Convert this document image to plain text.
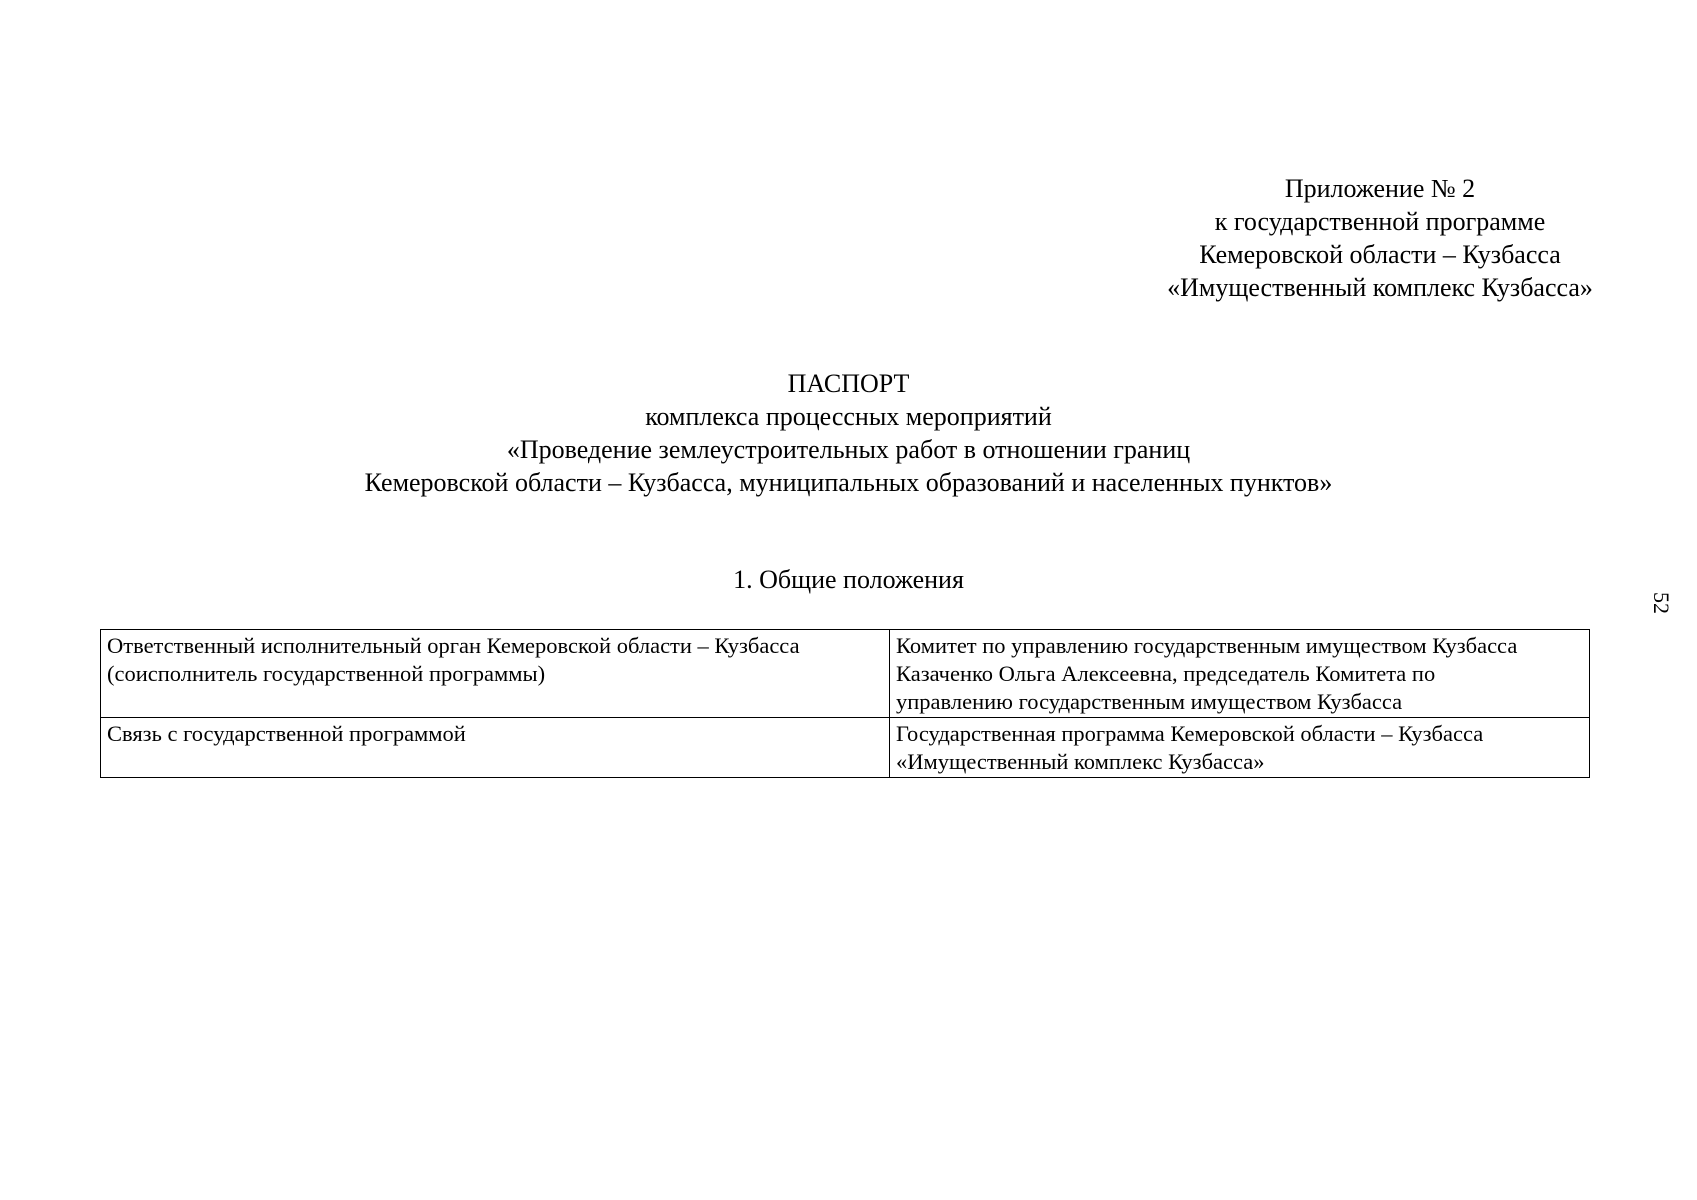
Приложение № 2
к государственной программе
Кемеровской области – Кузбасса
«Имущественный комплекс Кузбасса»
ПАСПОРТ
комплекса процессных мероприятий
«Проведение землеустроительных работ в отношении границ
Кемеровской области – Кузбасса, муниципальных образований и населенных пунктов»
1. Общие положения
52
Ответственный исполнительный орган Кемеровской области – Кузбасса
(соисполнитель государственной программы)	Комитет по управлению государственным имуществом Кузбасса
Казаченко Ольга Алексеевна, председатель Комитета по
управлению государственным имуществом Кузбасса

Связь с государственной программой	Государственная программа Кемеровской области – Кузбасса
«Имущественный комплекс Кузбасса»
